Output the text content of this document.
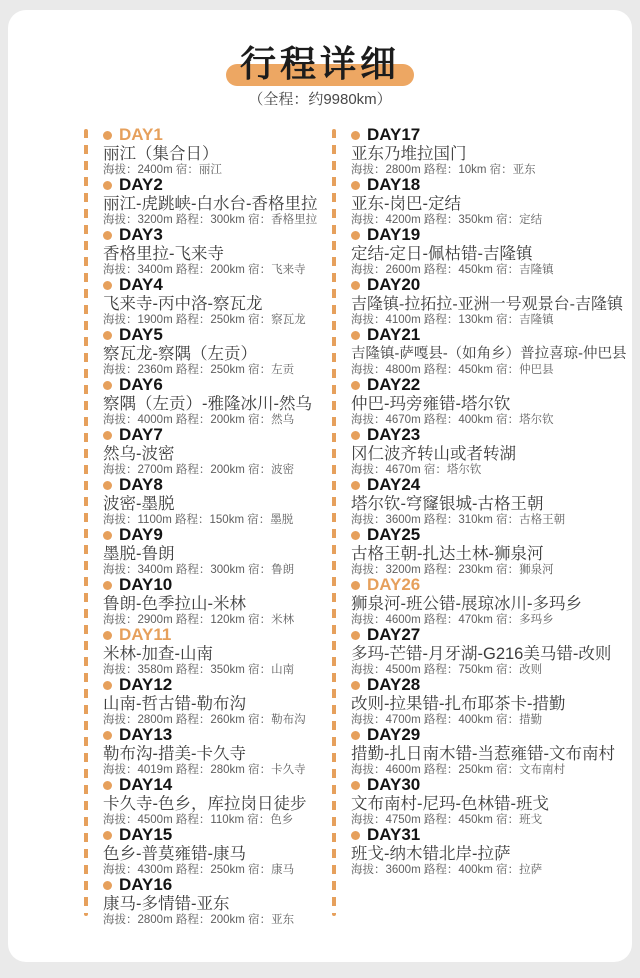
行程详细
（全程：约9980km）
DAY1
丽江（集合日）
海拔：2400m 宿：丽江
DAY2
丽江-虎跳峡-白水台-香格里拉
海拔：3200m 路程：300km 宿：香格里拉
DAY3
香格里拉-飞来寺
海拔：3400m 路程：200km 宿：飞来寺
DAY4
飞来寺-丙中洛-察瓦龙
海拔：1900m 路程：250km 宿：察瓦龙
DAY5
察瓦龙-察隅（左贡）
海拔：2360m 路程：250km 宿：左贡
DAY6
察隅（左贡）-雅隆冰川-然乌
海拔：4000m 路程：200km 宿：然乌
DAY7
然乌-波密
海拔：2700m 路程：200km 宿：波密
DAY8
波密-墨脱
海拔：1100m 路程：150km 宿：墨脱
DAY9
墨脱-鲁朗
海拔：3400m 路程：300km 宿：鲁朗
DAY10
鲁朗-色季拉山-米林
海拔：2900m 路程：120km 宿：米林
DAY11
米林-加查-山南
海拔：3580m 路程：350km 宿：山南
DAY12
山南-哲古错-勒布沟
海拔：2800m 路程：260km 宿：勒布沟
DAY13
勒布沟-措美-卡久寺
海拔：4019m 路程：280km 宿：卡久寺
DAY14
卡久寺-色乡，库拉岗日徒步
海拔：4500m 路程：110km 宿：色乡
DAY15
色乡-普莫雍错-康马
海拔：4300m 路程：250km 宿：康马
DAY16
康马-多情错-亚东
海拔：2800m 路程：200km 宿：亚东
DAY17
亚东乃堆拉国门
海拔：2800m 路程：10km 宿：亚东
DAY18
亚东-岗巴-定结
海拔：4200m 路程：350km 宿：定结
DAY19
定结-定日-佩枯错-吉隆镇
海拔：2600m 路程：450km 宿：吉隆镇
DAY20
吉隆镇-拉拓拉-亚洲一号观景台-吉隆镇
海拔：4100m 路程：130km 宿：吉隆镇
DAY21
吉隆镇-萨嘎县-（如角乡）普拉喜琼-仲巴县
海拔：4800m 路程：450km 宿：仲巴县
DAY22
仲巴-玛旁雍错-塔尔钦
海拔：4670m 路程：400km 宿：塔尔钦
DAY23
冈仁波齐转山或者转湖
海拔：4670m 宿：塔尔钦
DAY24
塔尔钦-穹窿银城-古格王朝
海拔：3600m 路程：310km 宿：古格王朝
DAY25
古格王朝-扎达土林-狮泉河
海拔：3200m 路程：230km 宿：狮泉河
DAY26
狮泉河-班公错-展琼冰川-多玛乡
海拔：4600m 路程：470km 宿：多玛乡
DAY27
多玛-芒错-月牙湖-G216美马错-改则
海拔：4500m 路程：750km 宿：改则
DAY28
改则-拉果错-扎布耶茶卡-措勤
海拔：4700m 路程：400km 宿：措勤
DAY29
措勤-扎日南木错-当惹雍错-文布南村
海拔：4600m 路程：250km 宿：文布南村
DAY30
文布南村-尼玛-色林错-班戈
海拔：4750m 路程：450km 宿：班戈
DAY31
班戈-纳木错北岸-拉萨
海拔：3600m 路程：400km 宿：拉萨
